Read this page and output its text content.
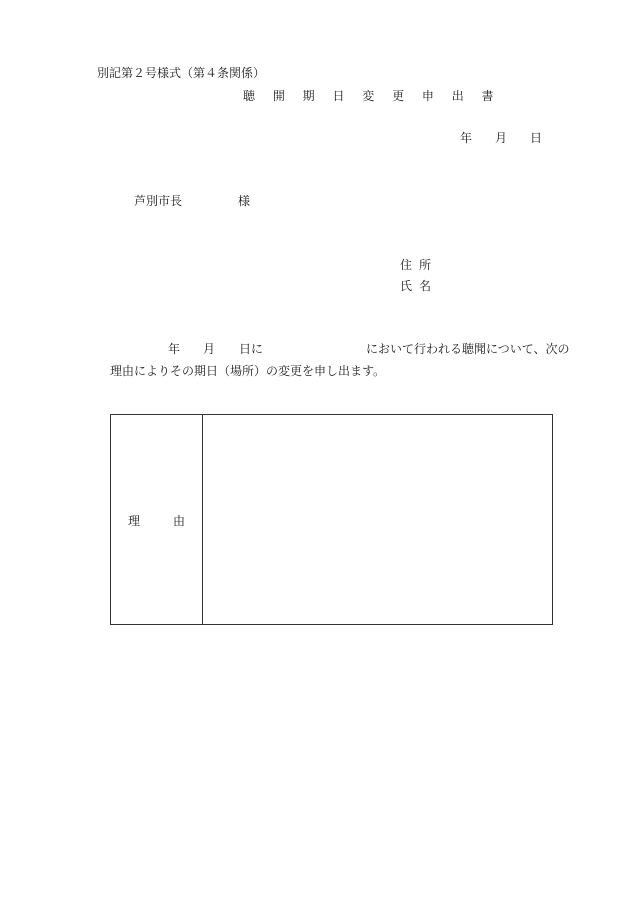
別記第２号様式（第４条関係）
聴 開 期 日 変 更 申 出 書
年 月 日
芦別市長	様
住所
氏名
年 月 日に	において行われる聴聞について、次の
理由によりその期日（場所）の変更を申し出ます。
理由
